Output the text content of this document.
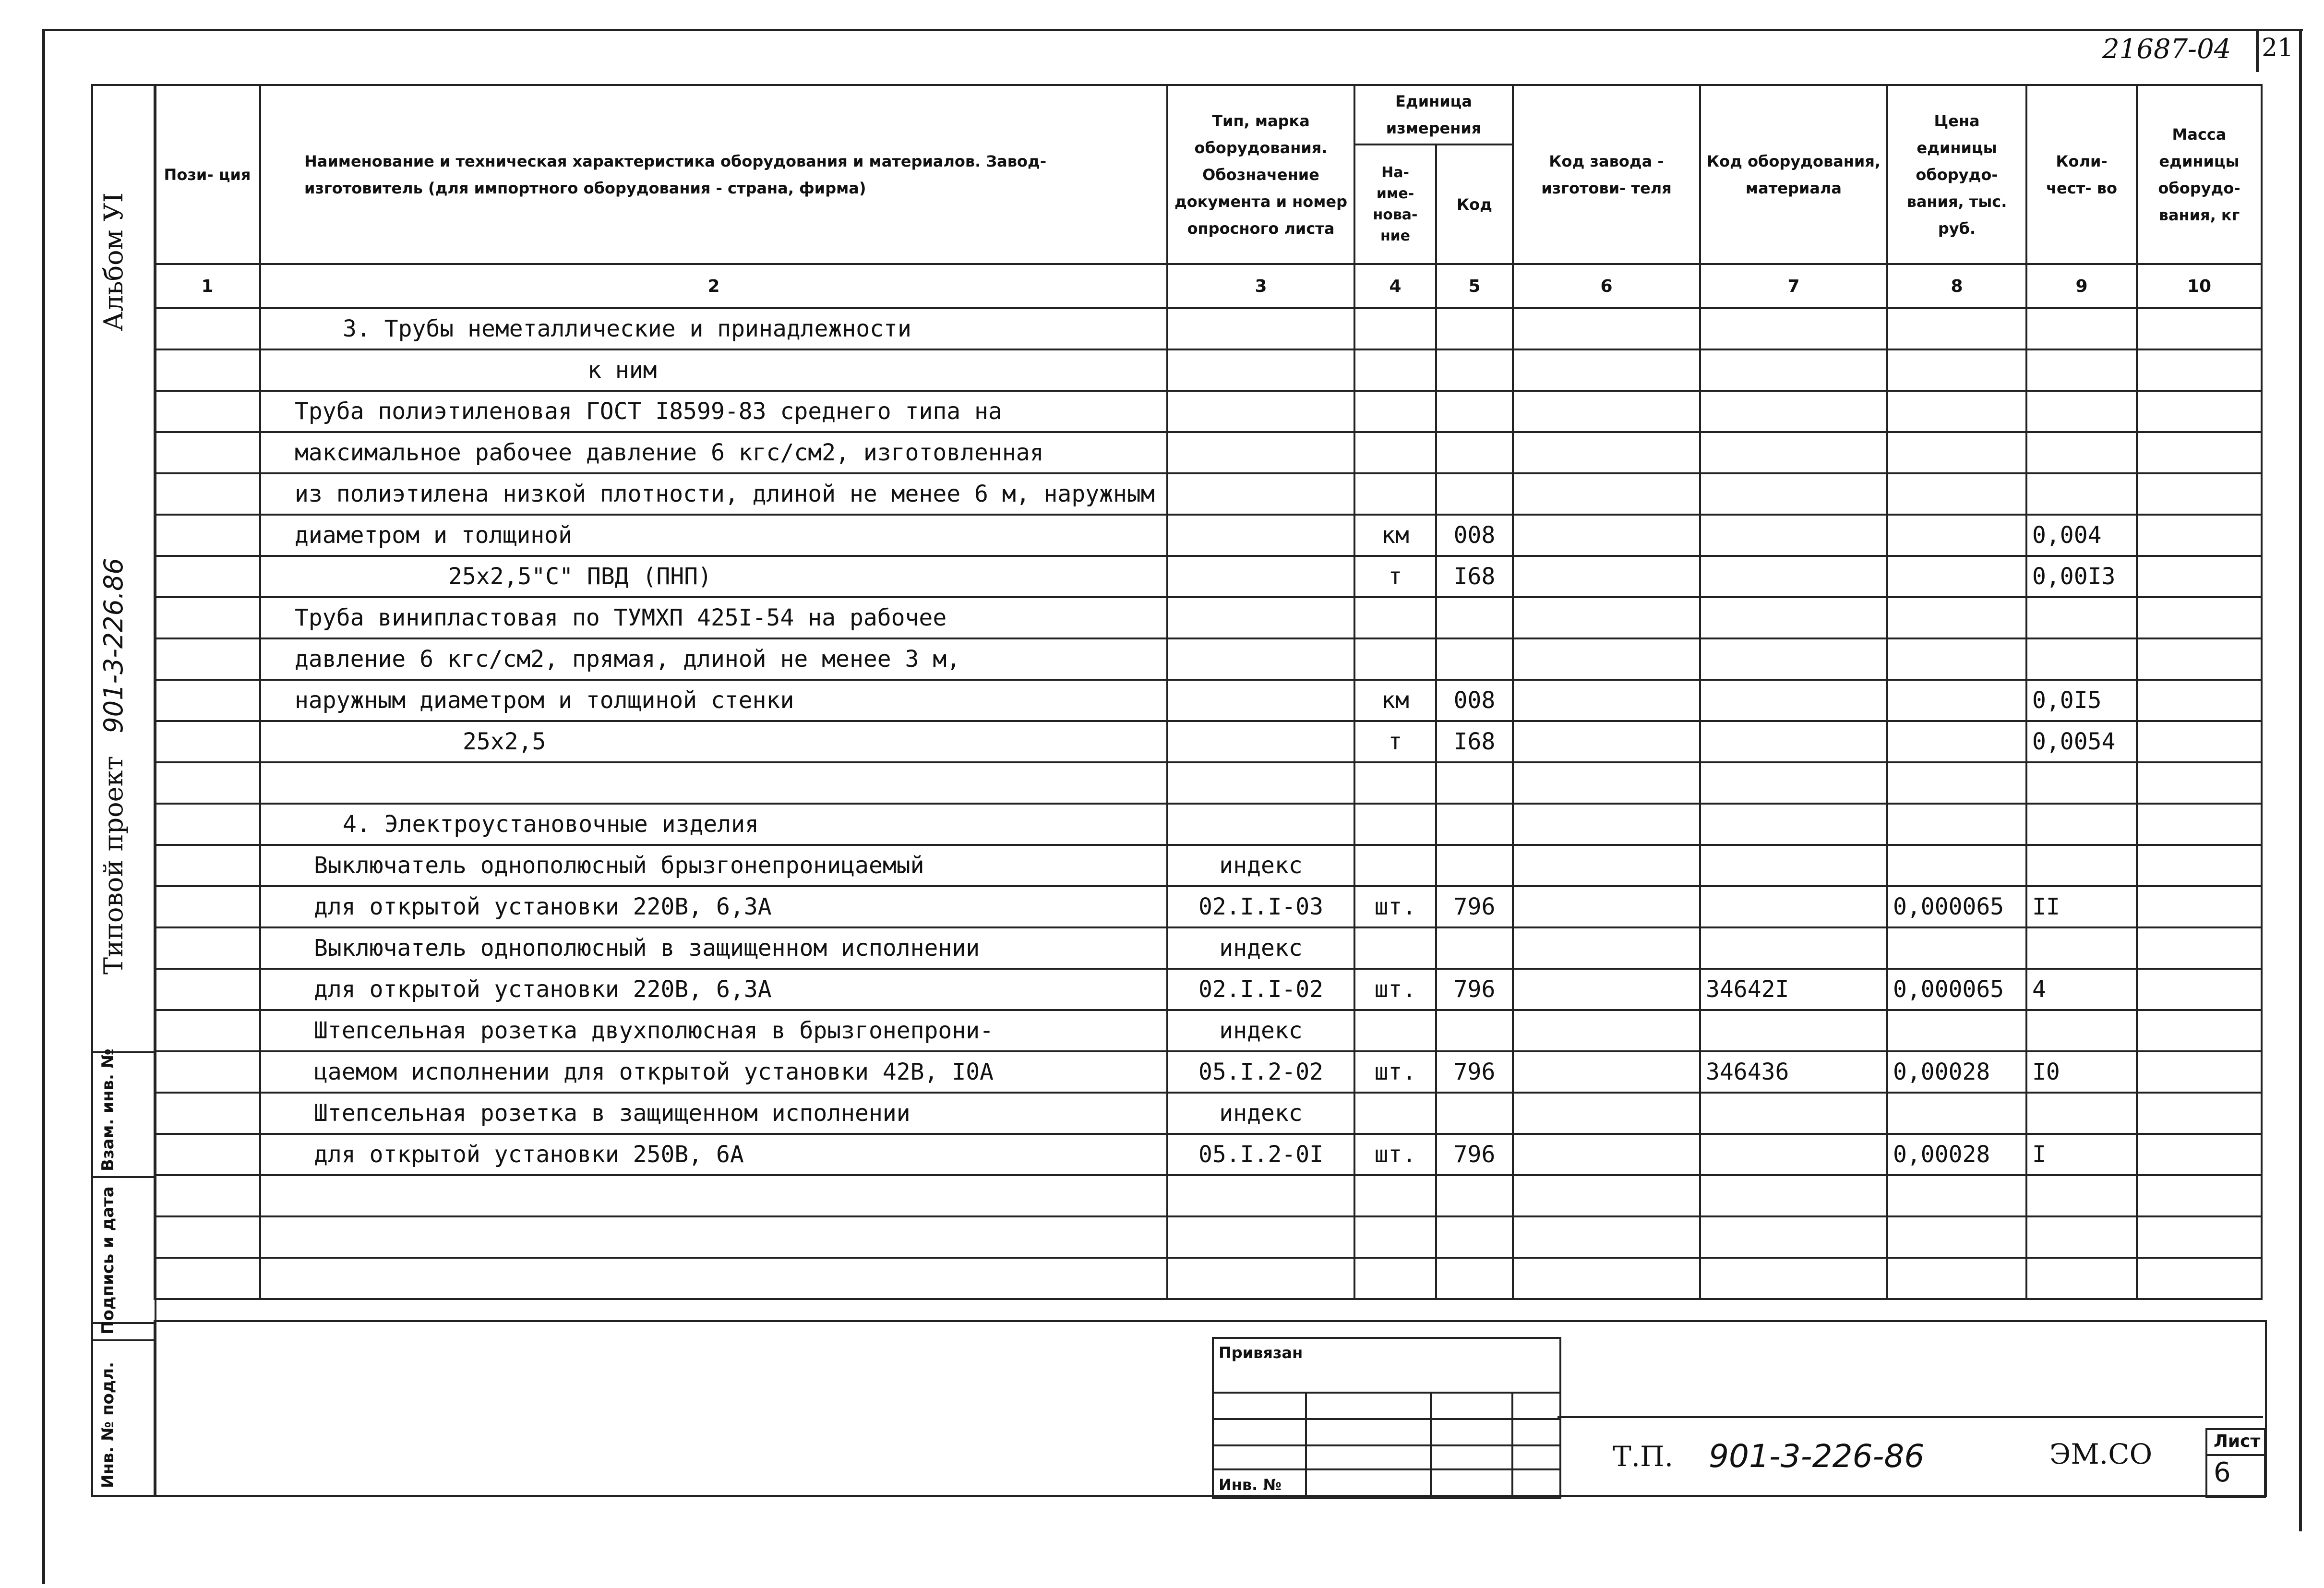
21
21687-04
Альбом УI
Типовой проект 901-3-226.86
Инв. № подл.
Подпись и дата
Взам. инв. №
Пози- ция	Наименование и техническая характеристика оборудования и материалов. Завод-изготовитель (для импортного оборудования - страна, фирма)	Тип, марка оборудования. Обозначение документа и номер опросного листа	Единица измерения		Код завода - изготови- теля	Код оборудования, материала	Цена единицы оборудо- вания, тыс. руб.	Коли- чест- во	Масса единицы оборудо- вания, кг
			На- име- нова- ние	Код					
1	2	3	4	5	6	7	8	9	10
	3. Трубы неметаллические и принадлежности								
	к ним								
	Труба полиэтиленовая ГОСТ I8599-83 среднего типа на								
	максимальное рабочее давление 6 кгс/см2, изготовленная								
	из полиэтилена низкой плотности, длиной не менее 6 м, наружным								
	диаметром и толщиной		км	008				0,004	
	25х2,5"С" ПВД (ПНП)		т	I68				0,00I3	
	Труба винипластовая по ТУМХП 425I-54 на рабочее								
	давление 6 кгс/см2, прямая, длиной не менее 3 м,								
	наружным диаметром и толщиной стенки		км	008				0,0I5	
	25х2,5		т	I68				0,0054	

	4. Электроустановочные изделия								
	Выключатель однополюсный брызгонепроницаемый	индекс							
	для открытой установки 220В, 6,3А	02.I.I-03	шт.	796			0,000065	II	
	Выключатель однополюсный в защищенном исполнении	индекс							
	для открытой установки 220В, 6,3А	02.I.I-02	шт.	796		34642I	0,000065	4	
	Штепсельная розетка двухполюсная в брызгонепрони-	индекс							
	цаемом исполнении для открытой установки 42В, I0А	05.I.2-02	шт.	796		346436	0,00028	I0	
	Штепсельная розетка в защищенном исполнении	индекс							
	для открытой установки 250В, 6А	05.I.2-0I	шт.	796			0,00028	I	

Привязан
Инв. №
Т.П. 901-3-226-86	ЭМ.СО	Лист
6
